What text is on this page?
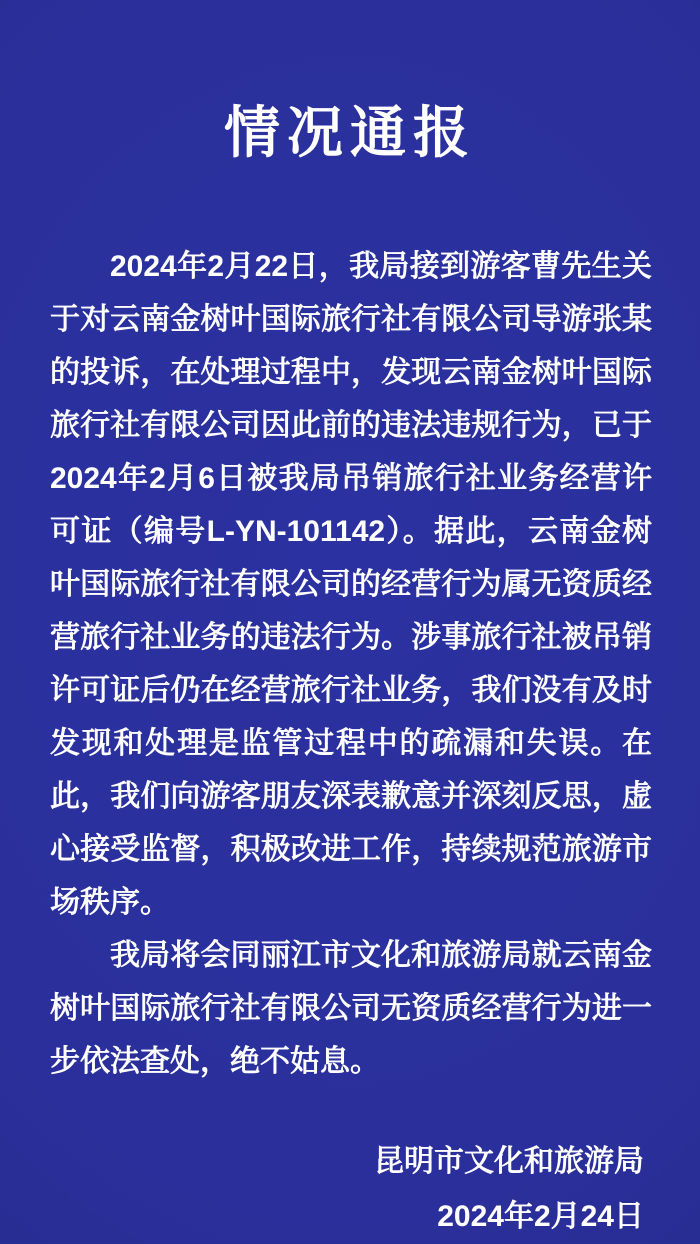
情况通报

2024年2月22日，我局接到游客曹先生关于对云南金树叶国际旅行社有限公司导游张某的投诉，在处理过程中，发现云南金树叶国际旅行社有限公司因此前的违法违规行为，已于2024年2月6日被我局吊销旅行社业务经营许可证（编号L-YN-101142）。据此，云南金树叶国际旅行社有限公司的经营行为属无资质经营旅行社业务的违法行为。涉事旅行社被吊销许可证后仍在经营旅行社业务，我们没有及时发现和处理是监管过程中的疏漏和失误。在此，我们向游客朋友深表歉意并深刻反思，虚心接受监督，积极改进工作，持续规范旅游市场秩序。

我局将会同丽江市文化和旅游局就云南金树叶国际旅行社有限公司无资质经营行为进一步依法查处，绝不姑息。

昆明市文化和旅游局
2024年2月24日
